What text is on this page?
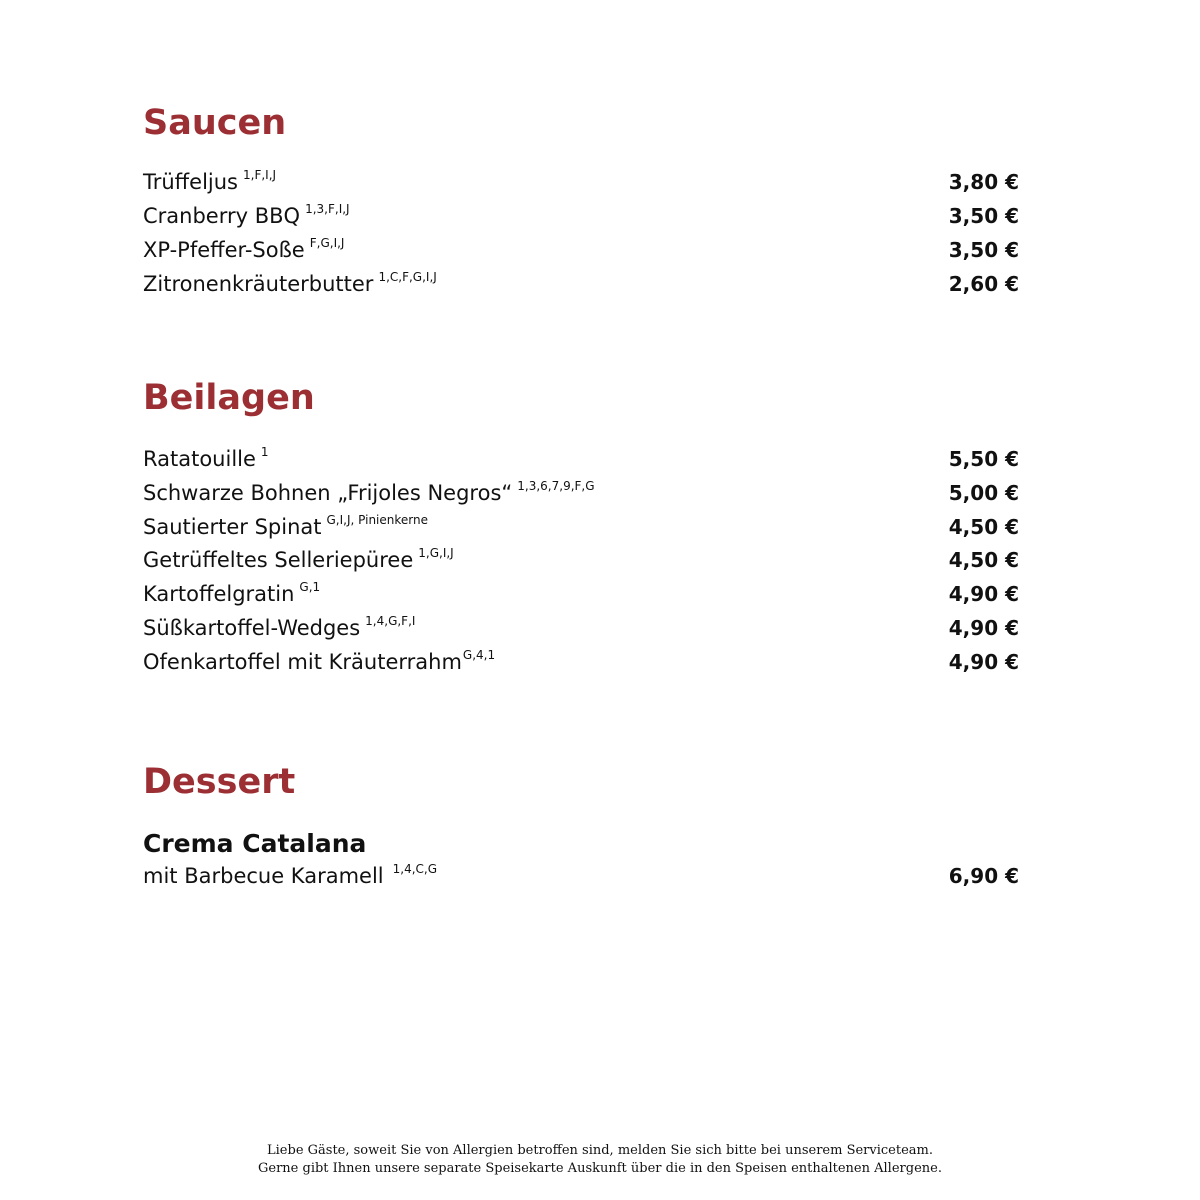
Saucen
Trüffeljus $^{1,F,I,J}$	3,80 €
Cranberry BBQ $^{1,3,F,I,J}$	3,50 €
XP-Pfeffer-Soße $^{F,G,I,J}$	3,50 €
Zitronenkräuterbutter $^{1,C,F,G,I,J}$	2,60 €
Beilagen
Ratatouille $^1$	5,50 €
Schwarze Bohnen „Frijoles Negros“ $^{1,3,6,7,9,F,G}$	5,00 €
Sautierter Spinat $^{G,I,J, Pinienkerne}$	4,50 €
Getrüffeltes Selleriepüree $^{1,G,I,J}$	4,50 €
Kartoffelgratin $^{G,1}$	4,90 €
Süßkartoffel-Wedges $^{1,4,G,F,I}$	4,90 €
Ofenkartoffel mit Kräuterrahm$^{G,4,1}$	4,90 €
Dessert
Crema Catalana
mit Barbecue Karamell $^{1,4,C,G}$	6,90 €
Liebe Gäste, soweit Sie von Allergien betroffen sind, melden Sie sich bitte bei unserem Serviceteam.
Gerne gibt Ihnen unsere separate Speisekarte Auskunft über die in den Speisen enthaltenen Allergene.
